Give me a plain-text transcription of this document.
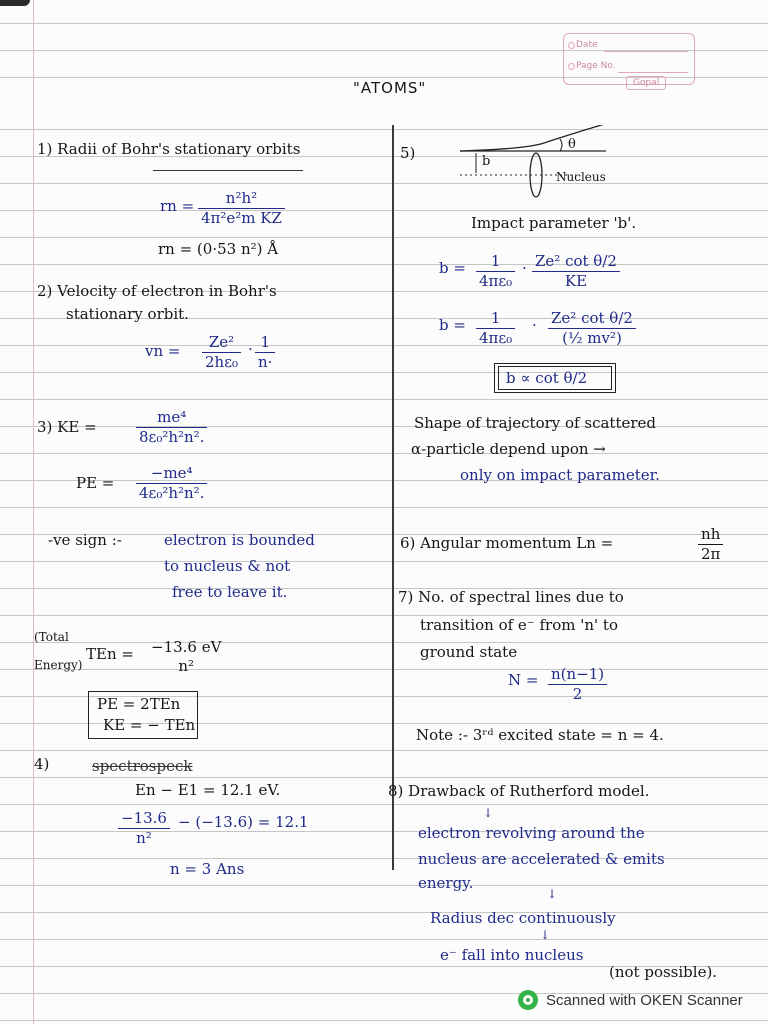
Date
Page No.
Gopal
"ATOMS"
1) Radii of Bohr's stationary orbits
rn = $\frac{\text{n²h²}}{\text{4π²e²m KZ}}$
rn = (0·53 n²) Å
2) Velocity of electron in Bohr's
stationary orbit.
vn = $\frac{\text{Ze²}}{\text{2hε₀}} \cdot \frac{1}{n\cdot}$
3) KE =	$\frac{\text{me⁴}}{\text{8ε₀²h²n².}}$
PE = $\frac{\text{−me⁴}}{\text{4ε₀²h²n².}}$
-ve sign :-	electron is bounded
to nucleus & not
free to leave it.
(Total
Energy)
TEn = −13.6 eV
n²
PE = 2TEn
KE = − TEn
4)	spectrospeck
En − E1 = 12.1 eV.
$\frac{-13.6}{\text{n²}} - (-13.6) = 12.1$
n = 3 Ans
5)	b
θ
Nucleus
Impact parameter 'b'.
$b = \frac{1}{\text{4πε₀}} \cdot \frac{\text{Ze² cot θ/2}}{KE}$
$b = \frac{1}{\text{4πε₀}} \cdot \frac{\text{Ze² cot θ/2}}{\text{(½ mv²)}}$
b ∝ cot θ/2
Shape of trajectory of scattered
α-particle depend upon →
only on impact parameter.
6) Angular momentum Ln =	$\frac{nh}{2\pi}$
7) No. of spectral lines due to
transition of e⁻ from 'n' to
ground state
$N = \frac{n(n-1)}{2}$
Note :- 3ʳᵈ excited state = n = 4.
8) Drawback of Rutherford model.
↓
electron revolving around the
nucleus are accelerated & emits
energy.
↓
Radius dec continuously
↓
e⁻ fall into nucleus
(not possible).
Scanned with OKEN Scanner
